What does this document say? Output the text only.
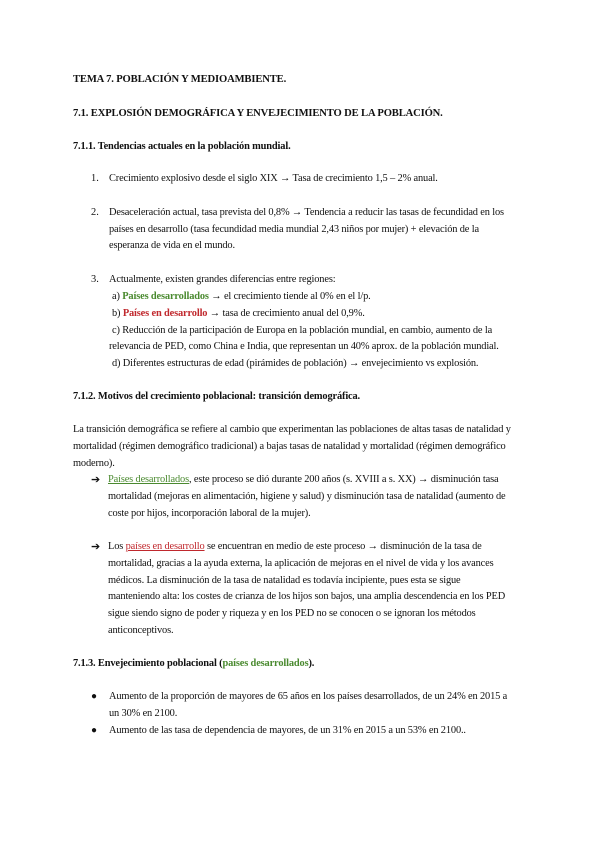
TEMA 7. POBLACIÓN Y MEDIOAMBIENTE.
7.1. EXPLOSIÓN DEMOGRÁFICA Y ENVEJECIMIENTO DE LA POBLACIÓN.
7.1.1. Tendencias actuales en la población mundial.
1. Crecimiento explosivo desde el siglo XIX → Tasa de crecimiento 1,5 – 2% anual.
2. Desaceleración actual, tasa prevista del 0,8% → Tendencia a reducir las tasas de fecundidad en los
países en desarrollo (tasa fecundidad media mundial 2,43 niños por mujer) + elevación de la
esperanza de vida en el mundo.
3. Actualmente, existen grandes diferencias entre regiones:
a) Países desarrollados → el crecimiento tiende al 0% en el l/p.
b) Países en desarrollo → tasa de crecimiento anual del 0,9%.
c) Reducción de la participación de Europa en la población mundial, en cambio, aumento de la
relevancia de PED, como China e India, que representan un 40% aprox. de la población mundial.
d) Diferentes estructuras de edad (pirámides de población) → envejecimiento vs explosión.
7.1.2. Motivos del crecimiento poblacional: transición demográfica.
La transición demográfica se refiere al cambio que experimentan las poblaciones de altas tasas de natalidad y
mortalidad (régimen demográfico tradicional) a bajas tasas de natalidad y mortalidad (régimen demográfico
moderno).
➔ Países desarrollados, este proceso se dió durante 200 años (s. XVIII a s. XX) → disminución tasa
mortalidad (mejoras en alimentación, higiene y salud) y disminución tasa de natalidad (aumento de
coste por hijos, incorporación laboral de la mujer).
➔ Los países en desarrollo se encuentran en medio de este proceso → disminución de la tasa de
mortalidad, gracias a la ayuda externa, la aplicación de mejoras en el nivel de vida y los avances
médicos. La disminución de la tasa de natalidad es todavía incipiente, pues esta se sigue
manteniendo alta: los costes de crianza de los hijos son bajos, una amplia descendencia en los PED
sigue siendo signo de poder y riqueza y en los PED no se conocen o se ignoran los métodos
anticonceptivos.
7.1.3. Envejecimiento poblacional (países desarrollados).
● Aumento de la proporción de mayores de 65 años en los países desarrollados, de un 24% en 2015 a
un 30% en 2100.
● Aumento de las tasa de dependencia de mayores, de un 31% en 2015 a un 53% en 2100..
